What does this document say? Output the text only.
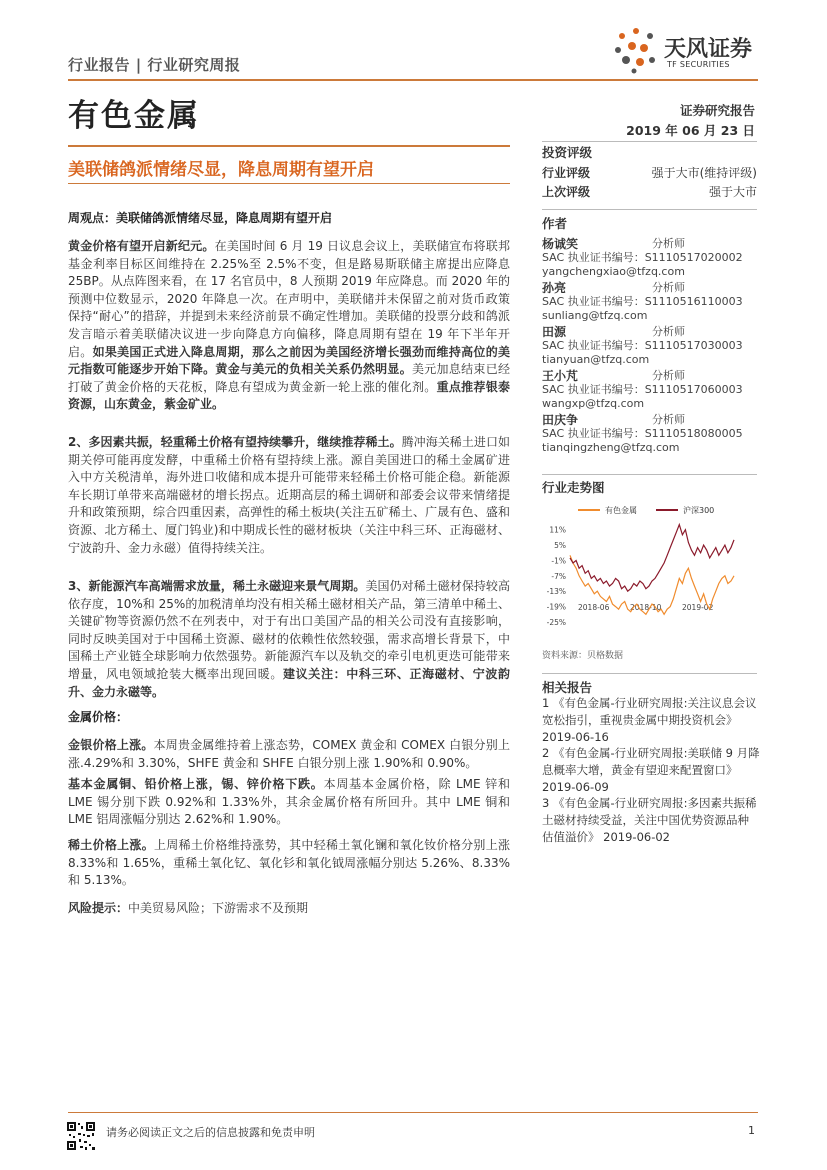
行业报告 | 行业研究周报
天风证券
TF SECURITIES
有色金属	证券研究报告
2019 年 06 月 23 日
美联储鸽派情绪尽显，降息周期有望开启
周观点：美联储鸽派情绪尽显，降息周期有望开启
黄金价格有望开启新纪元。在美国时间 6 月 19 日议息会议上，美联储宣布将联邦基金利率目标区间维持在 2.25%至 2.5%不变，但是路易斯联储主席提出应降息 25BP。从点阵图来看，在 17 名官员中，8 人预期 2019 年应降息。而 2020 年的预测中位数显示，2020 年降息一次。在声明中，美联储并未保留之前对货币政策保持“耐心”的措辞，并提到未来经济前景不确定性增加。美联储的投票分歧和鸽派发言暗示着美联储决议进一步向降息方向偏移，降息周期有望在 19 年下半年开启。如果美国正式进入降息周期，那么之前因为美国经济增长强劲而维持高位的美元指数可能逐步开始下降。黄金与美元的负相关关系仍然明显。美元加息结束已经打破了黄金价格的天花板，降息有望成为黄金新一轮上涨的催化剂。重点推荐银泰资源，山东黄金，紫金矿业。
2、多因素共振，轻重稀土价格有望持续攀升，继续推荐稀土。腾冲海关稀土进口如期关停可能再度发酵，中重稀土价格有望持续上涨。源自美国进口的稀土金属矿进入中方关税清单，海外进口收储和成本提升可能带来轻稀土价格可能企稳。新能源车长期订单带来高端磁材的增长拐点。近期高层的稀土调研和部委会议带来情绪提升和政策预期，综合四重因素，高弹性的稀土板块(关注五矿稀土、广晟有色、盛和资源、北方稀土、厦门钨业)和中期成长性的磁材板块（关注中科三环、正海磁材、宁波韵升、金力永磁）值得持续关注。
3、新能源汽车高端需求放量，稀土永磁迎来景气周期。美国仍对稀土磁材保持较高依存度，10%和 25%的加税清单均没有相关稀土磁材相关产品，第三清单中稀土、关键矿物等资源仍然不在列表中，对于有出口美国产品的相关公司没有直接影响，同时反映美国对于中国稀土资源、磁材的依赖性依然较强，需求高增长背景下，中国稀土产业链全球影响力依然强势。新能源汽车以及轨交的牵引电机更迭可能带来增量，风电领域抢装大概率出现回暖。建议关注：中科三环、正海磁材、宁波韵升、金力永磁等。
金属价格：
金银价格上涨。本周贵金属维持着上涨态势，COMEX 黄金和 COMEX 白银分别上涨.4.29%和 3.30%，SHFE 黄金和 SHFE 白银分别上涨 1.90%和 0.90%。
基本金属铜、铅价格上涨，锡、锌价格下跌。本周基本金属价格，除 LME 锌和 LME 锡分别下跌 0.92%和 1.33%外，其余金属价格有所回升。其中 LME 铜和 LME 铝周涨幅分别达 2.62%和 1.90%。
稀土价格上涨。上周稀土价格维持涨势，其中轻稀土氧化镧和氧化钕价格分别上涨 8.33%和 1.65%，重稀土氧化钇、氧化钐和氧化钺周涨幅分别达 5.26%、8.33%和 5.13%。
风险提示：中美贸易风险；下游需求不及预期
投资评级
行业评级	强于大市(维持评级)
上次评级	强于大市
作者
杨诚笑	分析师
SAC 执业证书编号：S1110517020002
yangchengxiao@tfzq.com
孙亮	分析师
SAC 执业证书编号：S1110516110003
sunliang@tfzq.com
田源	分析师
SAC 执业证书编号：S1110517030003
tianyuan@tfzq.com
王小芃	分析师
SAC 执业证书编号：S1110517060003
wangxp@tfzq.com
田庆争	分析师
SAC 执业证书编号：S1110518080005
tianqingzheng@tfzq.com
行业走势图
有色金属	沪深300
11%
5%
-1%
-7%
-13%
-19%
-25%
2018-06	2018-10	2019-02
资料来源：贝格数据
相关报告
1 《有色金属-行业研究周报:关注议息会议宽松指引，重视贵金属中期投资机会》 2019-06-16
2 《有色金属-行业研究周报:美联储 9 月降息概率大增，黄金有望迎来配置窗口》 2019-06-09
3 《有色金属-行业研究周报:多因素共振稀土磁材持续受益，关注中国优势资源品种估值溢价》 2019-06-02
请务必阅读正文之后的信息披露和免责申明	1
